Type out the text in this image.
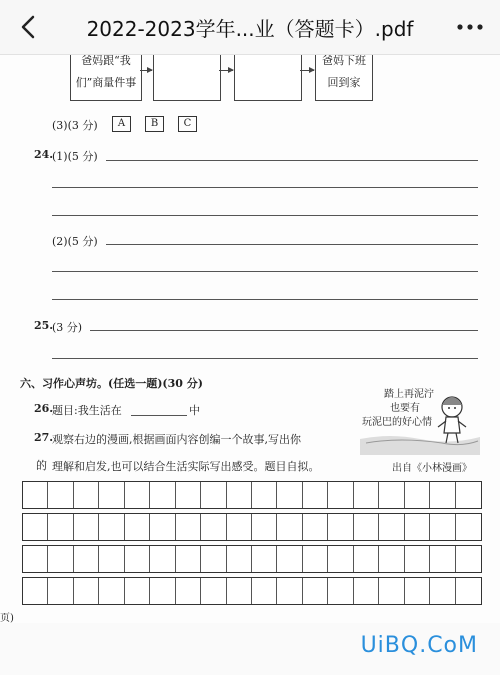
2022-2023学年...业（答题卡）.pdf
爸妈跟“我
们”商量件事
爸妈下班
回到家
(3)(3 分)	A	B	C
24.
(1)(5 分)
(2)(5 分)
25.
(3 分)
六、习作心声坊。(任选一题)(30 分)
26.
题目:我生活在	中
27.
观察右边的漫画,根据画面内容创编一个故事,写出你
的 理解和启发,也可以结合生活实际写出感受。题目自拟。
踏上再泥泞
也要有
玩泥巴的好心情
出自《小林漫画》
页)
UiBQ.CoM
